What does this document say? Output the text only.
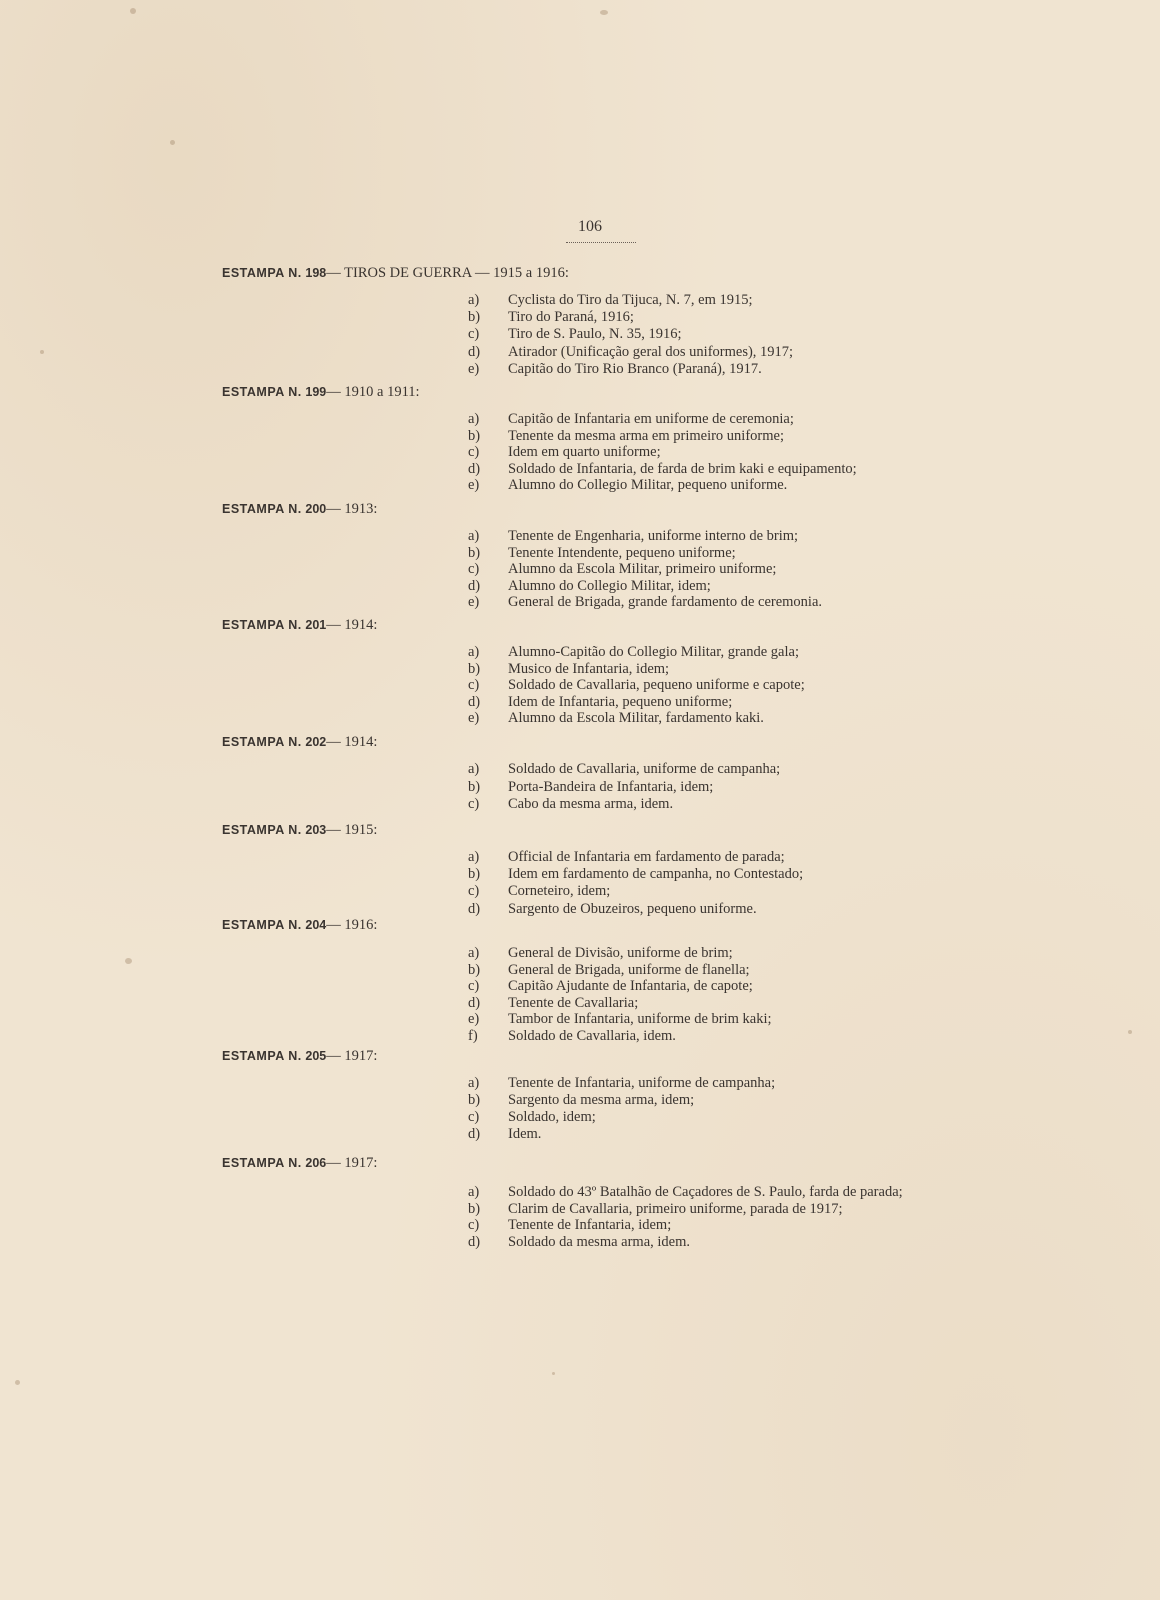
106
ESTAMPA N. 198— TIROS DE GUERRA — 1915 a 1916:
a) Cyclista do Tiro da Tijuca, N. 7, em 1915;
b) Tiro do Paraná, 1916;
c) Tiro de S. Paulo, N. 35, 1916;
d) Atirador (Unificação geral dos uniformes), 1917;
e) Capitão do Tiro Rio Branco (Paraná), 1917.
ESTAMPA N. 199— 1910 a 1911:
a) Capitão de Infantaria em uniforme de ceremonia;
b) Tenente da mesma arma em primeiro uniforme;
c) Idem em quarto uniforme;
d) Soldado de Infantaria, de farda de brim kaki e equipamento;
e) Alumno do Collegio Militar, pequeno uniforme.
ESTAMPA N. 200— 1913:
a) Tenente de Engenharia, uniforme interno de brim;
b) Tenente Intendente, pequeno uniforme;
c) Alumno da Escola Militar, primeiro uniforme;
d) Alumno do Collegio Militar, idem;
e) General de Brigada, grande fardamento de ceremonia.
ESTAMPA N. 201— 1914:
a) Alumno-Capitão do Collegio Militar, grande gala;
b) Musico de Infantaria, idem;
c) Soldado de Cavallaria, pequeno uniforme e capote;
d) Idem de Infantaria, pequeno uniforme;
e) Alumno da Escola Militar, fardamento kaki.
ESTAMPA N. 202— 1914:
a) Soldado de Cavallaria, uniforme de campanha;
b) Porta-Bandeira de Infantaria, idem;
c) Cabo da mesma arma, idem.
ESTAMPA N. 203— 1915:
a) Official de Infantaria em fardamento de parada;
b) Idem em fardamento de campanha, no Contestado;
c) Corneteiro, idem;
d) Sargento de Obuzeiros, pequeno uniforme.
ESTAMPA N. 204— 1916:
a) General de Divisão, uniforme de brim;
b) General de Brigada, uniforme de flanella;
c) Capitão Ajudante de Infantaria, de capote;
d) Tenente de Cavallaria;
e) Tambor de Infantaria, uniforme de brim kaki;
f) Soldado de Cavallaria, idem.
ESTAMPA N. 205— 1917:
a) Tenente de Infantaria, uniforme de campanha;
b) Sargento da mesma arma, idem;
c) Soldado, idem;
d) Idem.
ESTAMPA N. 206— 1917:
a) Soldado do 43º Batalhão de Caçadores de S. Paulo, farda de parada;
b) Clarim de Cavallaria, primeiro uniforme, parada de 1917;
c) Tenente de Infantaria, idem;
d) Soldado da mesma arma, idem.
